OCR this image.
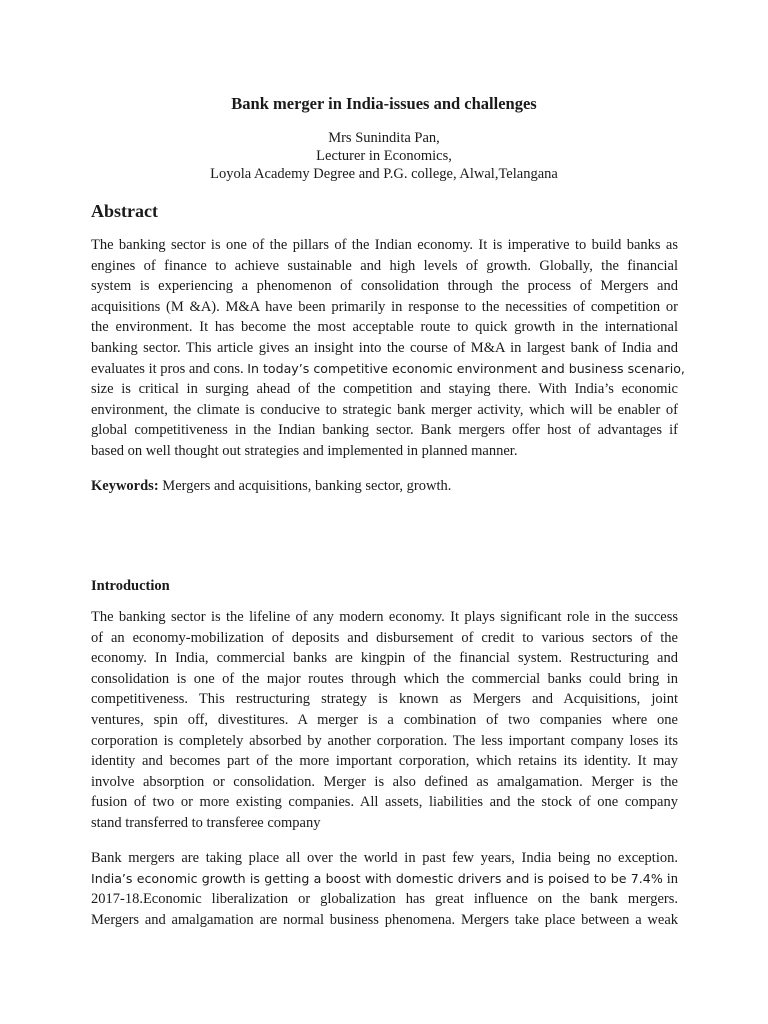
Bank merger in India-issues and challenges
Mrs Sunindita Pan,
Lecturer in Economics,
Loyola Academy Degree and P.G. college, Alwal,Telangana
Abstract
The banking sector is one of the pillars of the Indian economy. It is imperative to build banks as
engines of finance to achieve sustainable and high levels of growth. Globally, the financial
system is experiencing a phenomenon of consolidation through the process of Mergers and
acquisitions (M &A). M&A have been primarily in response to the necessities of competition or
the environment. It has become the most acceptable route to quick growth in the international
banking sector. This article gives an insight into the course of M&A in largest bank of India and
evaluates it pros and cons. In today’s competitive economic environment and business scenario,
size is critical in surging ahead of the competition and staying there. With India’s economic
environment, the climate is conducive to strategic bank merger activity, which will be enabler of
global competitiveness in the Indian banking sector. Bank mergers offer host of advantages if
based on well thought out strategies and implemented in planned manner.
Keywords: Mergers and acquisitions, banking sector, growth.
Introduction
The banking sector is the lifeline of any modern economy. It plays significant role in the success
of an economy-mobilization of deposits and disbursement of credit to various sectors of the
economy. In India, commercial banks are kingpin of the financial system. Restructuring and
consolidation is one of the major routes through which the commercial banks could bring in
competitiveness. This restructuring strategy is known as Mergers and Acquisitions, joint
ventures, spin off, divestitures. A merger is a combination of two companies where one
corporation is completely absorbed by another corporation. The less important company loses its
identity and becomes part of the more important corporation, which retains its identity. It may
involve absorption or consolidation. Merger is also defined as amalgamation. Merger is the
fusion of two or more existing companies. All assets, liabilities and the stock of one company
stand transferred to transferee company
Bank mergers are taking place all over the world in past few years, India being no exception.
India’s economic growth is getting a boost with domestic drivers and is poised to be 7.4% in
2017-18.Economic liberalization or globalization has great influence on the bank mergers.
Mergers and amalgamation are normal business phenomena. Mergers take place between a weak
